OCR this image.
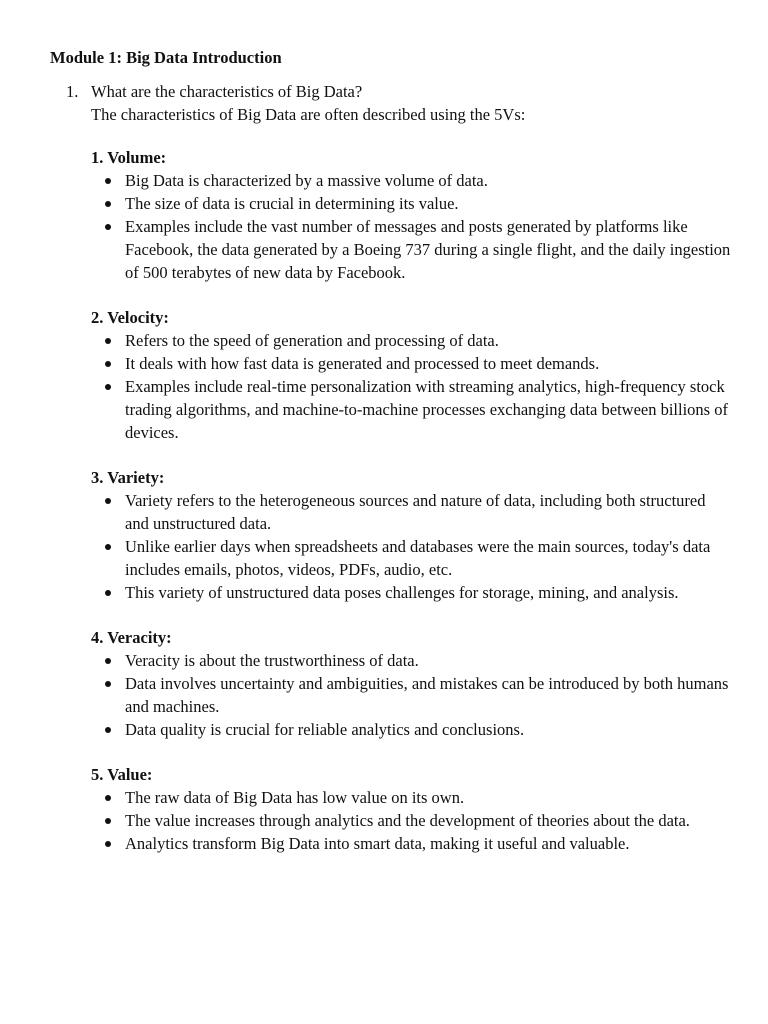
Module 1: Big Data Introduction
1. What are the characteristics of Big Data?
The characteristics of Big Data are often described using the 5Vs:

1. Volume:

Big Data is characterized by a massive volume of data.
The size of data is crucial in determining its value.
Examples include the vast number of messages and posts generated by platforms like Facebook, the data generated by a Boeing 737 during a single flight, and the daily ingestion of 500 terabytes of new data by Facebook.

2. Velocity:

Refers to the speed of generation and processing of data.
It deals with how fast data is generated and processed to meet demands.
Examples include real-time personalization with streaming analytics, high-frequency stock trading algorithms, and machine-to-machine processes exchanging data between billions of devices.

3. Variety:

Variety refers to the heterogeneous sources and nature of data, including both structured and unstructured data.
Unlike earlier days when spreadsheets and databases were the main sources, today's data includes emails, photos, videos, PDFs, audio, etc.
This variety of unstructured data poses challenges for storage, mining, and analysis.

4. Veracity:

Veracity is about the trustworthiness of data.
Data involves uncertainty and ambiguities, and mistakes can be introduced by both humans and machines.
Data quality is crucial for reliable analytics and conclusions.

5. Value:

The raw data of Big Data has low value on its own.
The value increases through analytics and the development of theories about the data.
Analytics transform Big Data into smart data, making it useful and valuable.
